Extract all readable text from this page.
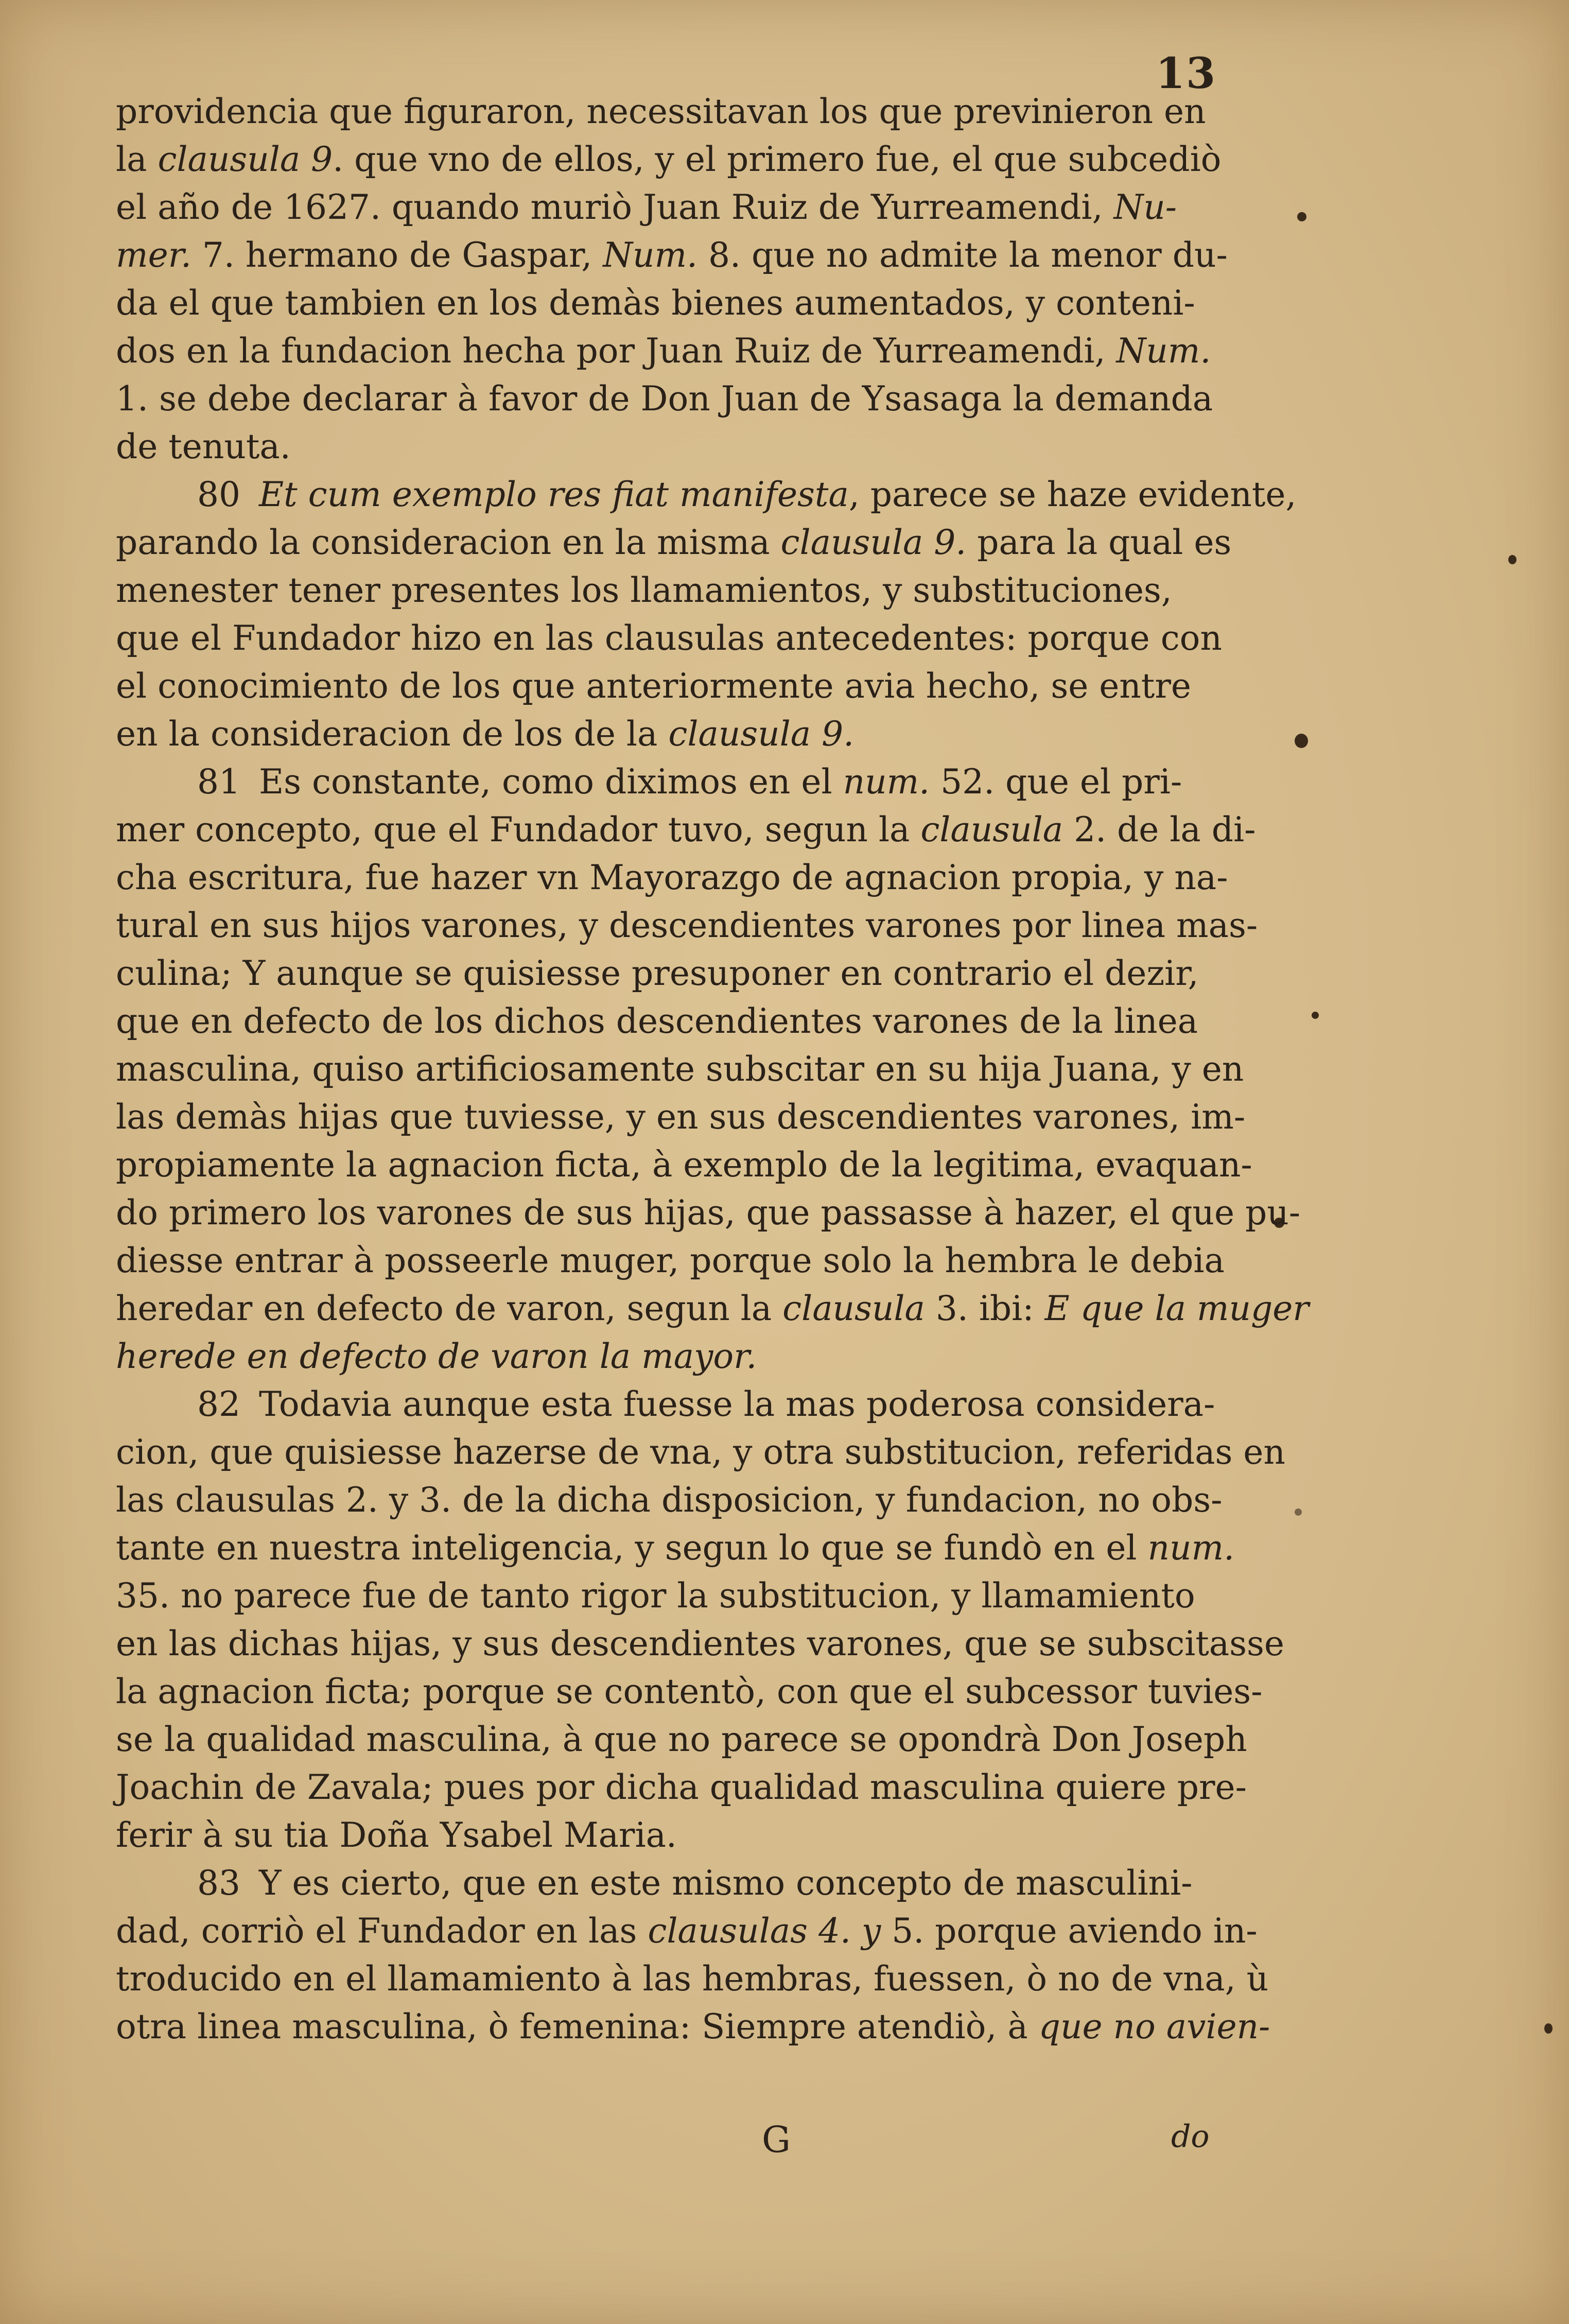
13
providencia que figuraron, necessitavan los que previnieron en
la clausula 9. que vno de ellos, y el primero fue, el que subcediò
el año de 1627. quando muriò Juan Ruiz de Yurreamendi, Nu-
mer. 7. hermano de Gaspar, Num. 8. que no admite la menor du-
da el que tambien en los demàs bienes aumentados, y conteni-
dos en la fundacion hecha por Juan Ruiz de Yurreamendi, Num.
1. se debe declarar à favor de Don Juan de Ysasaga la demanda
de tenuta.
80 Et cum exemplo res fiat manifesta, parece se haze evidente,
parando la consideracion en la misma clausula 9. para la qual es
menester tener presentes los llamamientos, y substituciones,
que el Fundador hizo en las clausulas antecedentes: porque con
el conocimiento de los que anteriormente avia hecho, se entre
en la consideracion de los de la clausula 9.
81 Es constante, como diximos en el num. 52. que el pri-
mer concepto, que el Fundador tuvo, segun la clausula 2. de la di-
cha escritura, fue hazer vn Mayorazgo de agnacion propia, y na-
tural en sus hijos varones, y descendientes varones por linea mas-
culina; Y aunque se quisiesse presuponer en contrario el dezir,
que en defecto de los dichos descendientes varones de la linea
masculina, quiso artificiosamente subscitar en su hija Juana, y en
las demàs hijas que tuviesse, y en sus descendientes varones, im-
propiamente la agnacion ficta, à exemplo de la legitima, evaquan-
do primero los varones de sus hijas, que passasse à hazer, el que pu-
diesse entrar à posseerle muger, porque solo la hembra le debia
heredar en defecto de varon, segun la clausula 3. ibi: E que la muger
herede en defecto de varon la mayor.
82 Todavia aunque esta fuesse la mas poderosa considera-
cion, que quisiesse hazerse de vna, y otra substitucion, referidas en
las clausulas 2. y 3. de la dicha disposicion, y fundacion, no obs-
tante en nuestra inteligencia, y segun lo que se fundò en el num.
35. no parece fue de tanto rigor la substitucion, y llamamiento
en las dichas hijas, y sus descendientes varones, que se subscitasse
la agnacion ficta; porque se contentò, con que el subcessor tuvies-
se la qualidad masculina, à que no parece se opondrà Don Joseph
Joachin de Zavala; pues por dicha qualidad masculina quiere pre-
ferir à su tia Doña Ysabel Maria.
83 Y es cierto, que en este mismo concepto de masculini-
dad, corriò el Fundador en las clausulas 4. y 5. porque aviendo in-
troducido en el llamamiento à las hembras, fuessen, ò no de vna, ù
otra linea masculina, ò femenina: Siempre atendiò, à que no avien-
G	do
